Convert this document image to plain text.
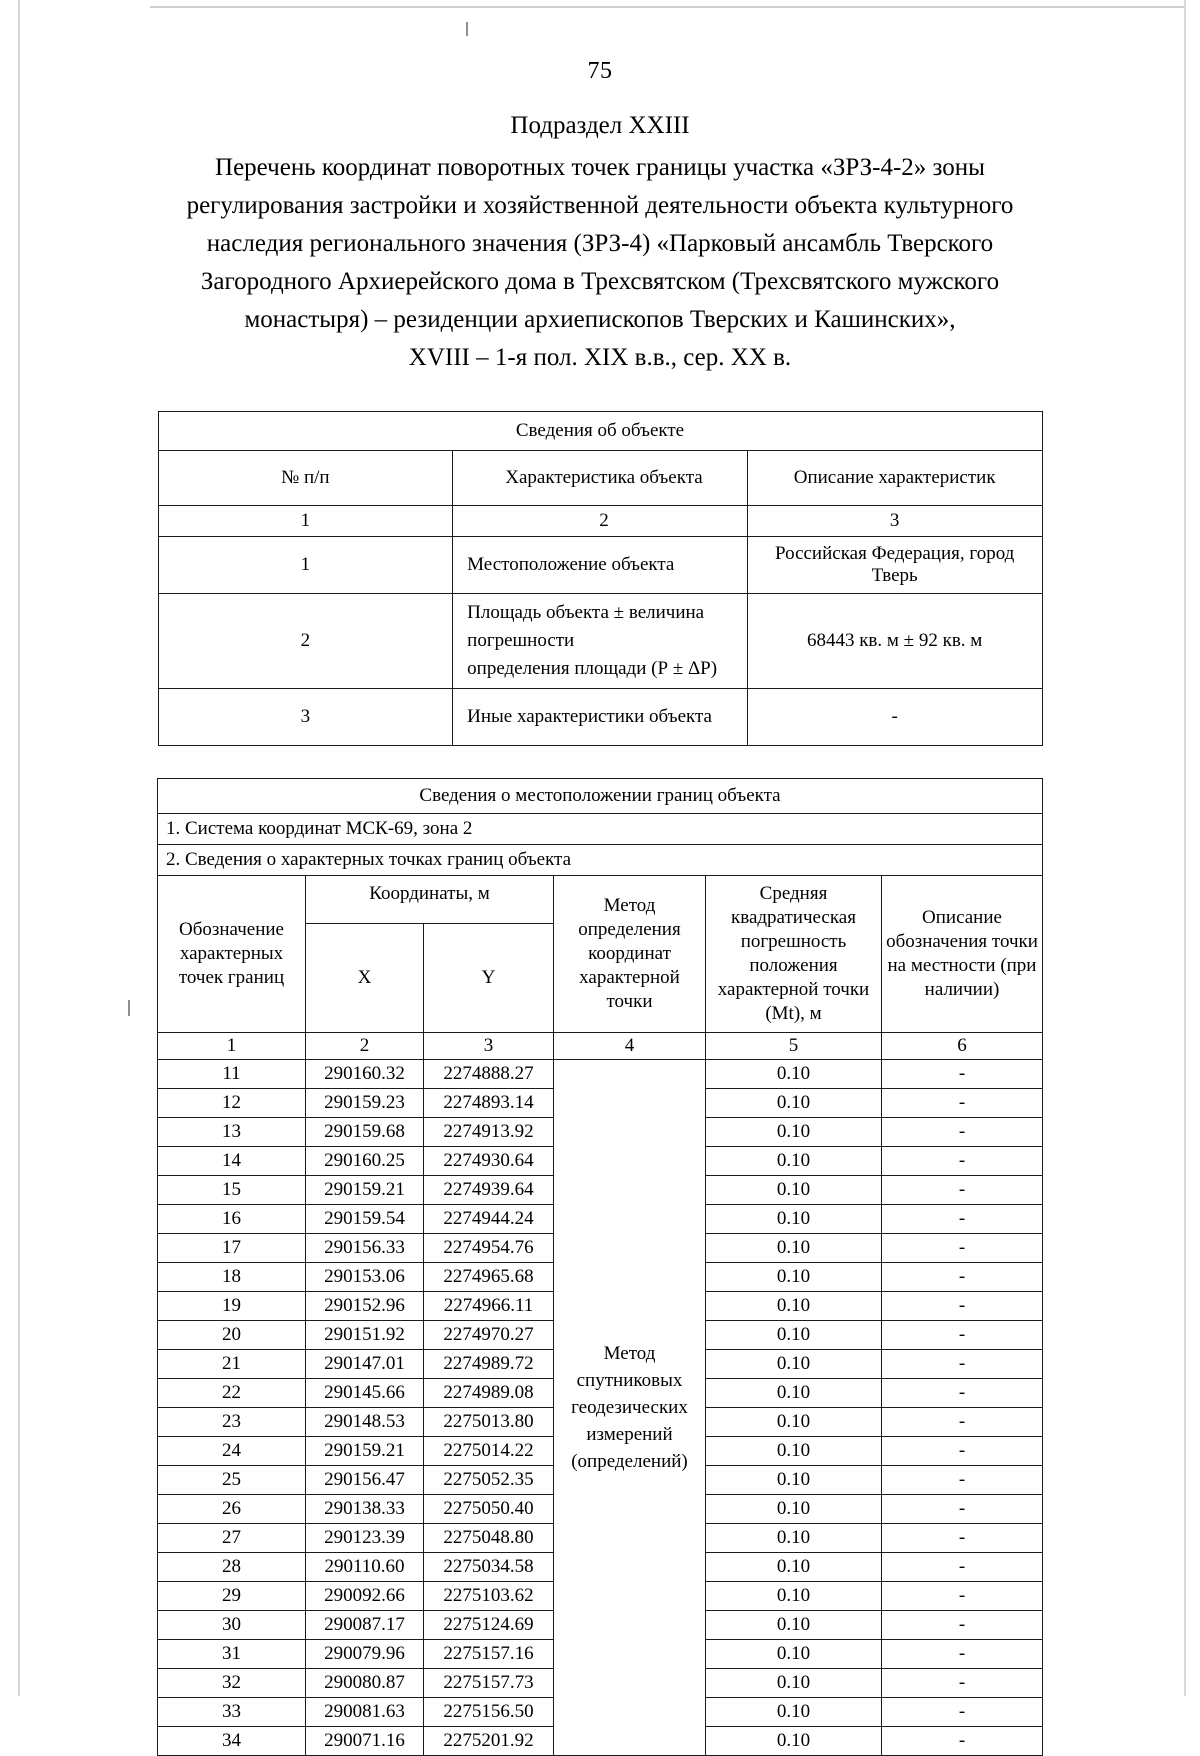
75
Подраздел XXIII
Перечень координат поворотных точек границы участка «ЗРЗ-4-2» зоны
регулирования застройки и хозяйственной деятельности объекта культурного
наследия регионального значения (ЗРЗ-4) «Парковый ансамбль Тверского
Загородного Архиерейского дома в Трехсвятском (Трехсвятского мужского
монастыря) – резиденции архиепископов Тверских и Кашинских»,
XVIII – 1-я пол. XIX в.в., сер. XX в.
Сведения об объекте		
№ п/п	Характеристика объекта	Описание характеристик
1	2	3
1	Местоположение объекта	Российская Федерация, город Тверь
2	Площадь объекта ± величина погрешности
определения площади (Р ± ΔР)	68443 кв. м ± 92 кв. м
3	Иные характеристики объекта	-
Сведения о местоположении границ объекта					
1. Система координат МСК-69, зона 2					
2. Сведения о характерных точках границ объекта					
Обозначение характерных точек границ	Координаты, м		Метод определения координат характерной точки	Средняя квадратическая погрешность положения характерной точки (Mt), м	Описание обозначения точки на местности (при наличии)
	X	Y			
1	2	3	4	5	6
11	290160.32	2274888.27	Метод спутниковых геодезических измерений (определений)	0.10	-
12	290159.23	2274893.14		0.10	-
13	290159.68	2274913.92		0.10	-
14	290160.25	2274930.64		0.10	-
15	290159.21	2274939.64		0.10	-
16	290159.54	2274944.24		0.10	-
17	290156.33	2274954.76		0.10	-
18	290153.06	2274965.68		0.10	-
19	290152.96	2274966.11		0.10	-
20	290151.92	2274970.27		0.10	-
21	290147.01	2274989.72		0.10	-
22	290145.66	2274989.08		0.10	-
23	290148.53	2275013.80		0.10	-
24	290159.21	2275014.22		0.10	-
25	290156.47	2275052.35		0.10	-
26	290138.33	2275050.40		0.10	-
27	290123.39	2275048.80		0.10	-
28	290110.60	2275034.58		0.10	-
29	290092.66	2275103.62		0.10	-
30	290087.17	2275124.69		0.10	-
31	290079.96	2275157.16		0.10	-
32	290080.87	2275157.73		0.10	-
33	290081.63	2275156.50		0.10	-
34	290071.16	2275201.92		0.10	-
